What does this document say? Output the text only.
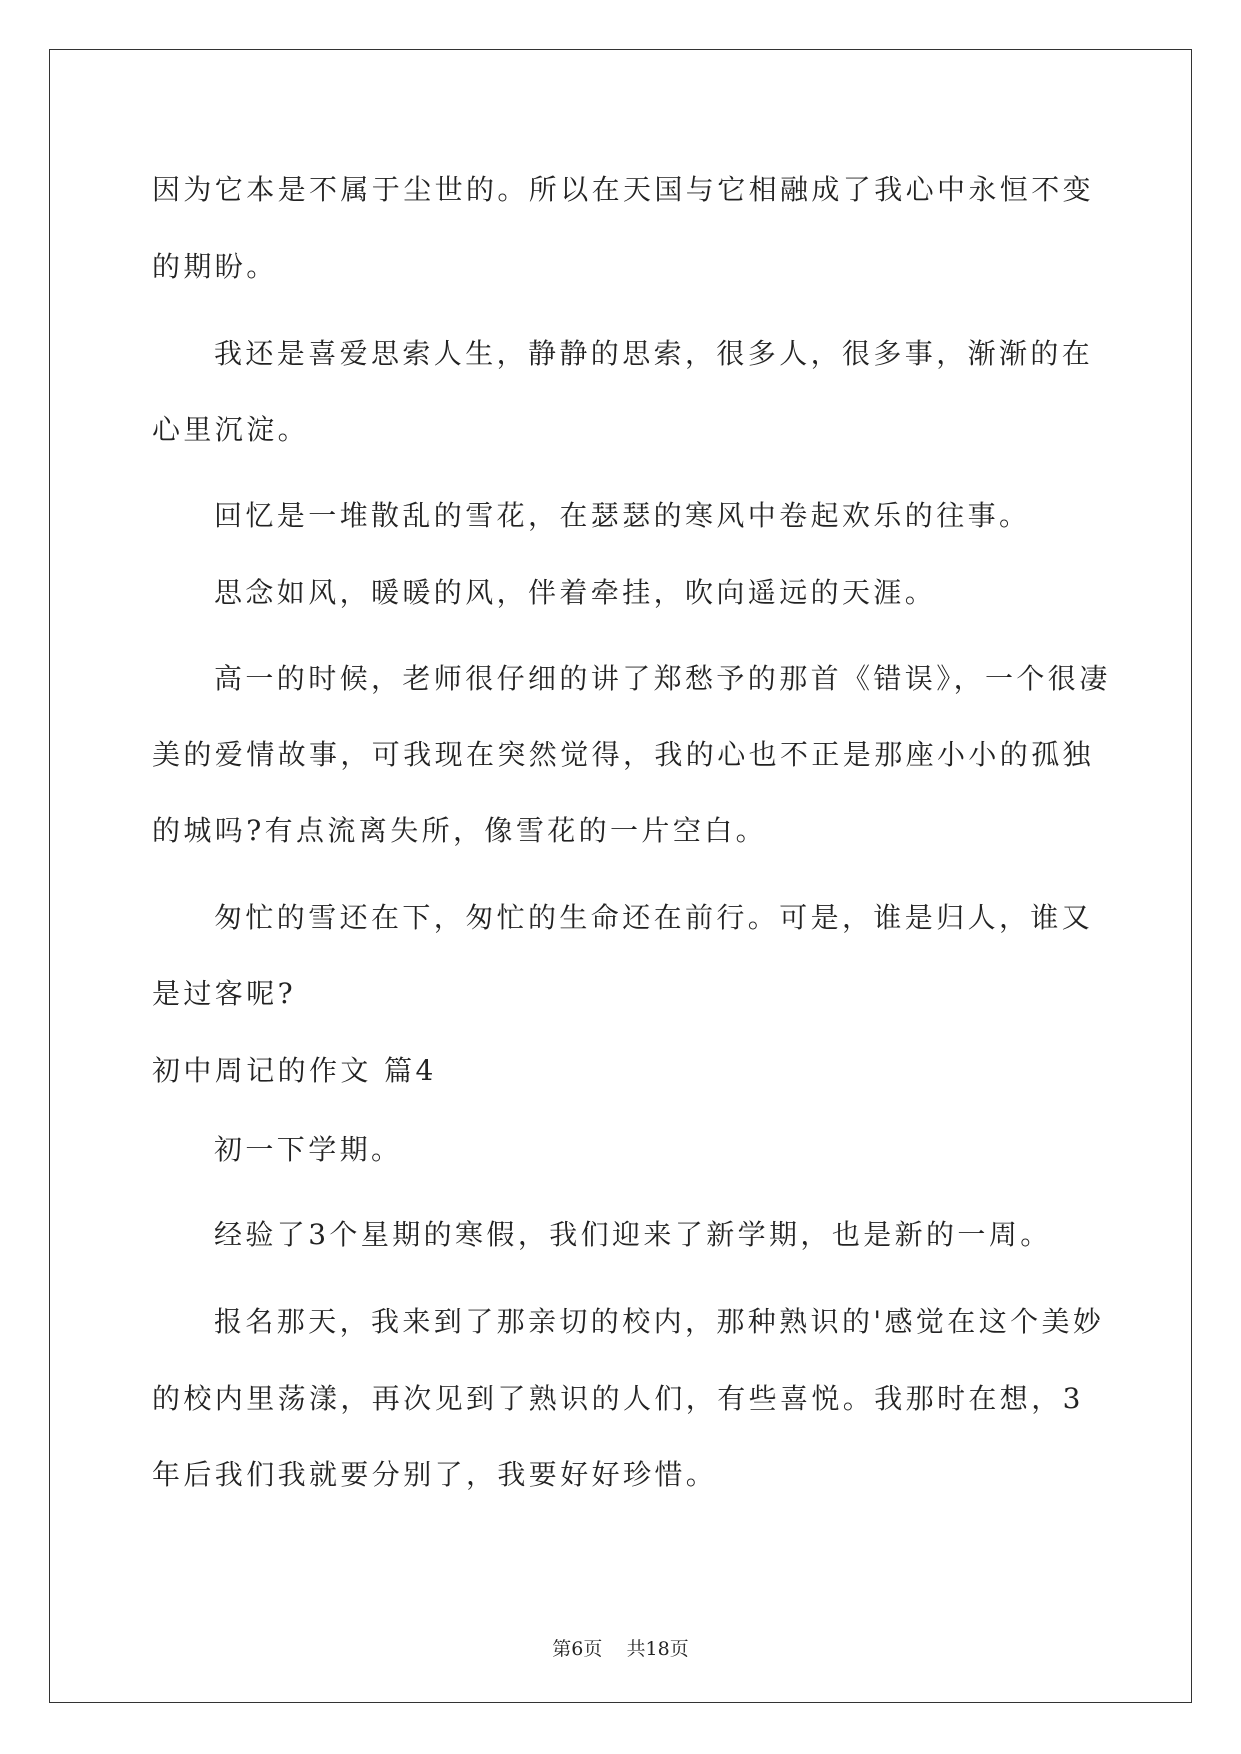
因为它本是不属于尘世的。所以在天国与它相融成了我心中永恒不变

的期盼。

我还是喜爱思索人生，静静的思索，很多人，很多事，渐渐的在

心里沉淀。

回忆是一堆散乱的雪花，在瑟瑟的寒风中卷起欢乐的往事。

思念如风，暖暖的风，伴着牵挂，吹向遥远的天涯。

高一的时候，老师很仔细的讲了郑愁予的那首《错误》，一个很凄

美的爱情故事，可我现在突然觉得，我的心也不正是那座小小的孤独

的城吗?有点流离失所，像雪花的一片空白。

匆忙的雪还在下，匆忙的生命还在前行。可是，谁是归人，谁又

是过客呢?

初中周记的作文 篇4

初一下学期。

经验了3个星期的寒假，我们迎来了新学期，也是新的一周。

报名那天，我来到了那亲切的校内，那种熟识的'感觉在这个美妙

的校内里荡漾，再次见到了熟识的人们，有些喜悦。我那时在想，3

年后我们我就要分别了，我要好好珍惜。

第6页 共18页
